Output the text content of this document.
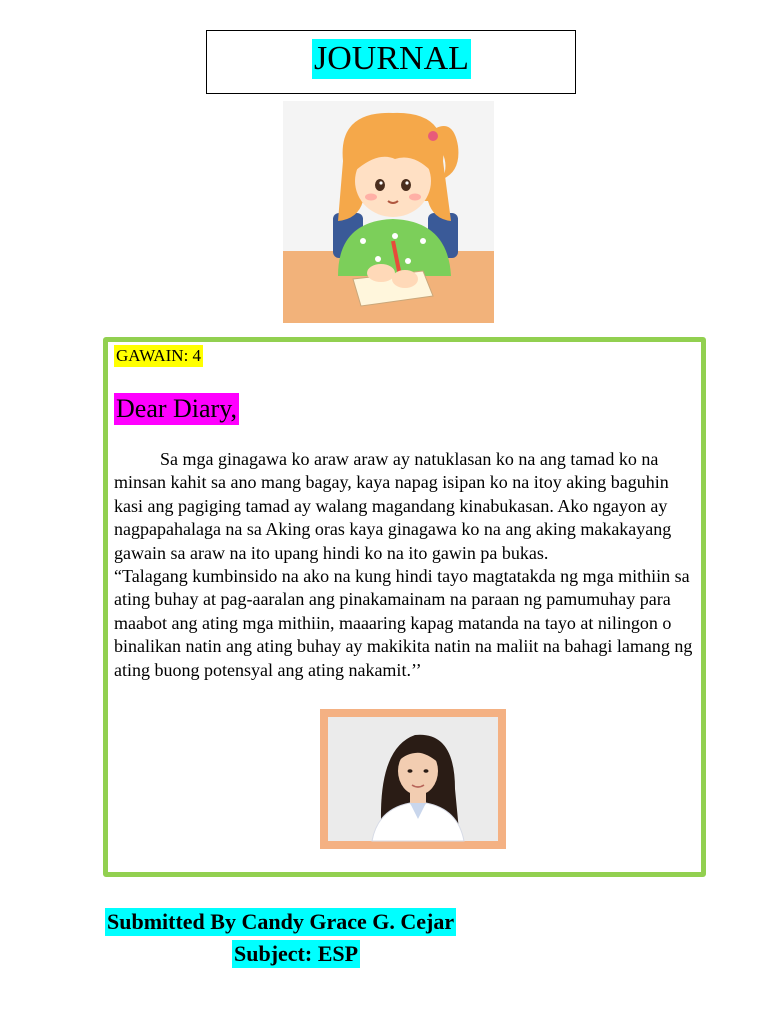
JOURNAL
GAWAIN: 4
Dear Diary,

Sa mga ginagawa ko araw araw ay natuklasan ko na ang tamad ko na minsan kahit sa ano mang bagay, kaya napag isipan ko na itoy aking baguhin kasi ang pagiging tamad ay walang magandang kinabukasan. Ako ngayon ay nagpapahalaga na sa Aking oras kaya ginagawa ko na ang aking makakayang gawain sa araw na ito upang hindi ko na ito gawin pa bukas.

“Talagang kumbinsido na ako na kung hindi tayo magtatakda ng mga mithiin sa ating buhay at pag-aaralan ang pinakamainam na paraan ng pamumuhay para maabot ang ating mga mithiin, maaaring kapag matanda na tayo at nilingon o binalikan natin ang ating buhay ay makikita natin na maliit na bahagi lamang ng ating buong potensyal ang ating nakamit.’’

Submitted By Candy Grace G. Cejar
Subject: ESP
